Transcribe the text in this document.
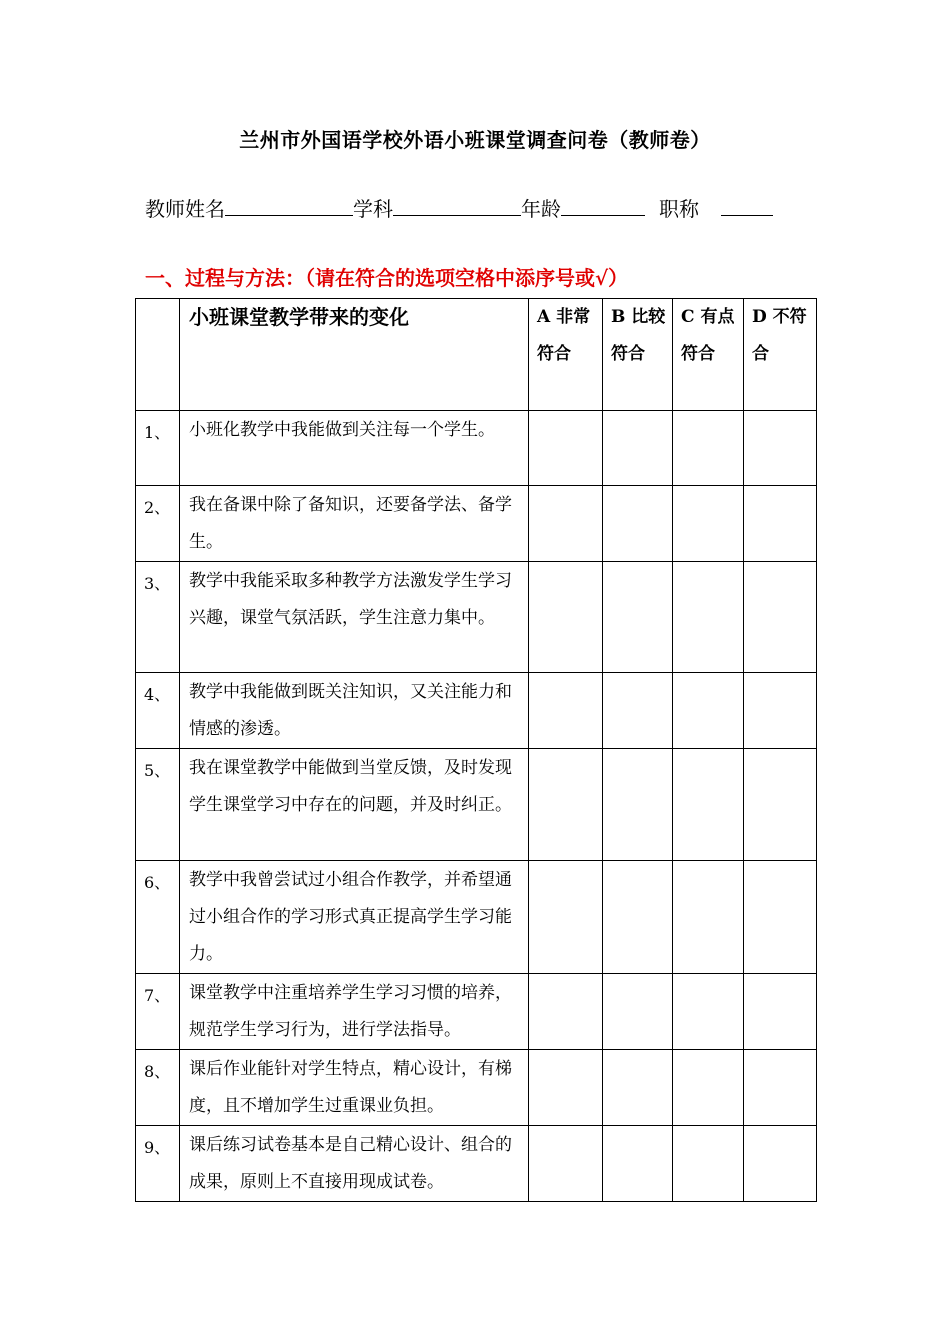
兰州市外国语学校外语小班课堂调查问卷（教师卷）
教师姓名	学科	年龄	职称
一、过程与方法：（请在符合的选项空格中添序号或√）
	小班课堂教学带来的变化	A 非常符合	B 比较符合	C 有点符合	D 不符合
1、	小班化教学中我能做到关注每一个学生。				
2、	我在备课中除了备知识，还要备学法、备学生。				
3、	教学中我能采取多种教学方法激发学生学习兴趣，课堂气氛活跃，学生注意力集中。				
4、	教学中我能做到既关注知识，又关注能力和情感的渗透。				
5、	我在课堂教学中能做到当堂反馈，及时发现学生课堂学习中存在的问题，并及时纠正。				
6、	教学中我曾尝试过小组合作教学，并希望通过小组合作的学习形式真正提高学生学习能力。				
7、	课堂教学中注重培养学生学习习惯的培养，规范学生学习行为，进行学法指导。				
8、	课后作业能针对学生特点，精心设计，有梯度，且不增加学生过重课业负担。				
9、	课后练习试卷基本是自己精心设计、组合的成果，原则上不直接用现成试卷。				
